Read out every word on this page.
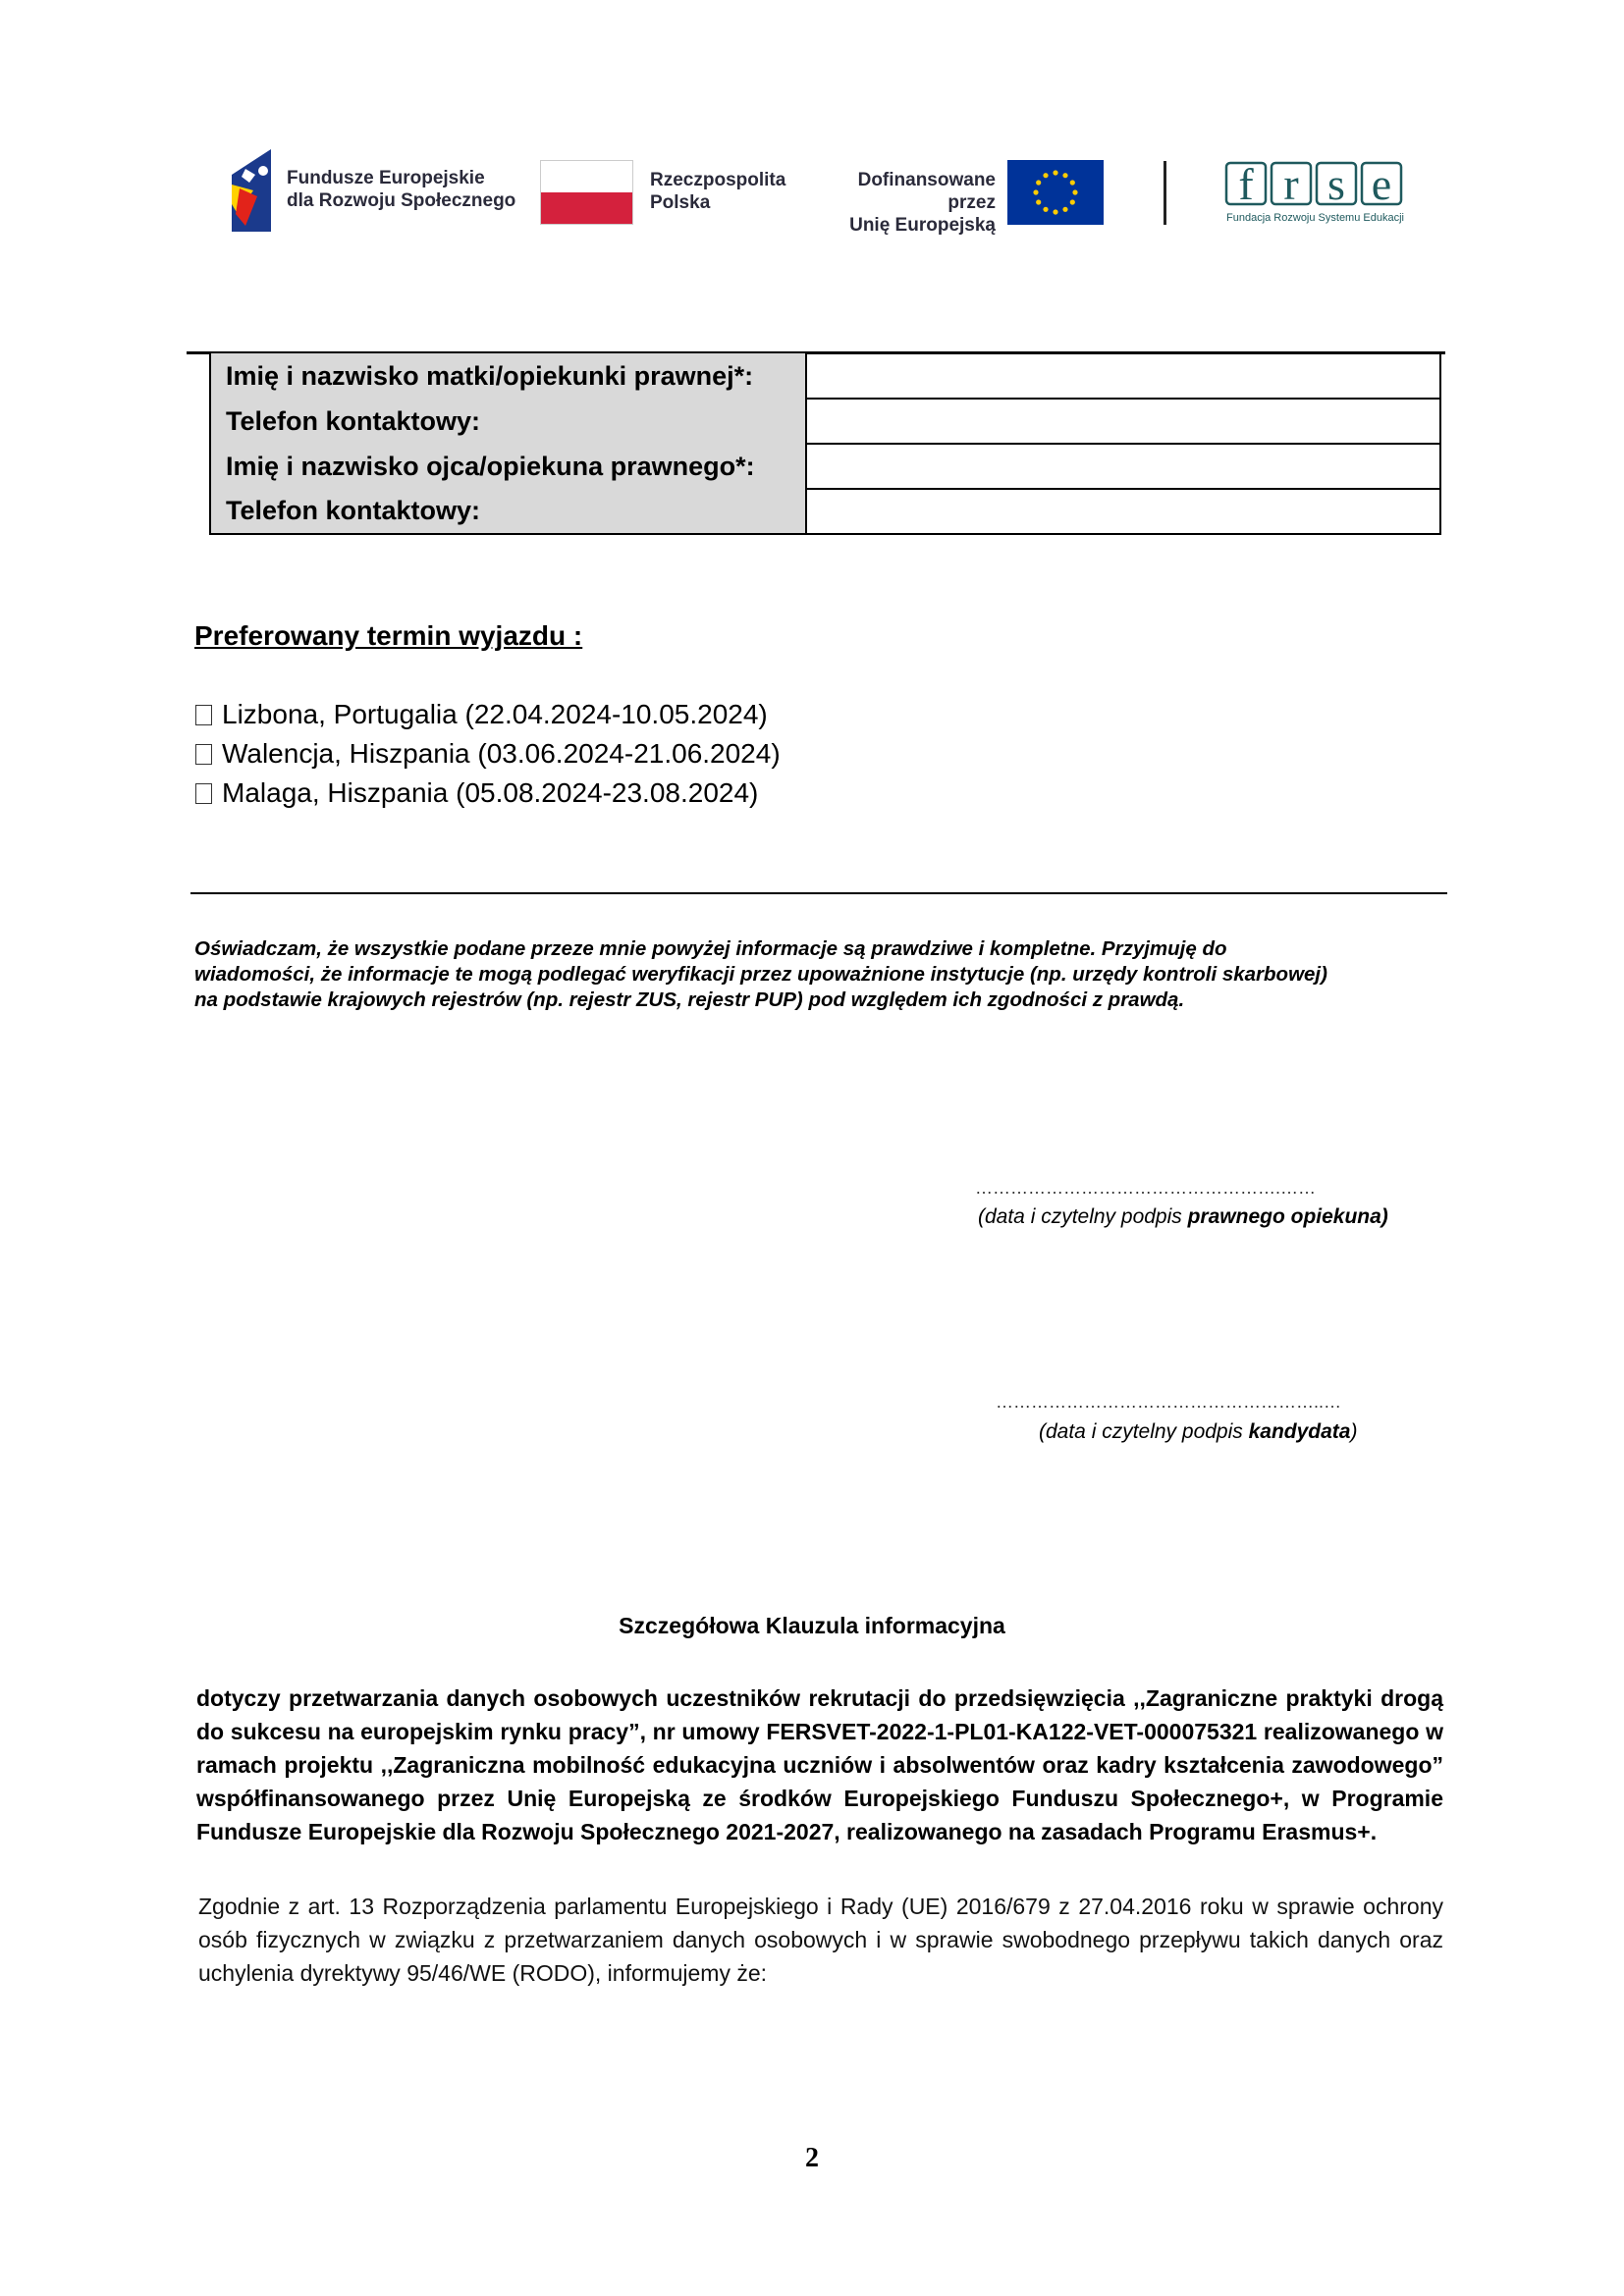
Fundusze Europejskie
dla Rozwoju Społecznego
Rzeczpospolita
Polska
Dofinansowane przez
Unię Europejską
f r s e
Fundacja Rozwoju Systemu Edukacji
Imię i nazwisko matki/opiekunki prawnej*:	
Telefon kontaktowy:	
Imię i nazwisko ojca/opiekuna prawnego*:	
Telefon kontaktowy:	
Preferowany termin wyjazdu :
Lizbona, Portugalia (22.04.2024-10.05.2024)
Walencja, Hiszpania (03.06.2024-21.06.2024)
Malaga, Hiszpania (05.08.2024-23.08.2024)
Oświadczam, że wszystkie podane przeze mnie powyżej informacje są prawdziwe i kompletne. Przyjmuję do
wiadomości, że informacje te mogą podlegać weryfikacji przez upoważnione instytucje (np. urzędy kontroli skarbowej)
na podstawie krajowych rejestrów (np. rejestr ZUS, rejestr PUP) pod względem ich zgodności z prawdą.
…………………………………………….……
(data i czytelny podpis prawnego opiekuna)
………………………………………………..…
(data i czytelny podpis kandydata)
Szczegółowa Klauzula informacyjna
dotyczy przetwarzania danych osobowych uczestników rekrutacji do przedsięwzięcia ,,Zagraniczne praktyki drogą do sukcesu na europejskim rynku pracy”, nr umowy FERSVET-2022-1-PL01-KA122-VET-000075321 realizowanego w ramach projektu ,,Zagraniczna mobilność edukacyjna uczniów i absolwentów oraz kadry kształcenia zawodowego” współfinansowanego przez Unię Europejską ze środków Europejskiego Funduszu Społecznego+, w Programie Fundusze Europejskie dla Rozwoju Społecznego 2021-2027, realizowanego na zasadach Programu Erasmus+.
Zgodnie z art. 13 Rozporządzenia parlamentu Europejskiego i Rady (UE) 2016/679 z 27.04.2016 roku w sprawie ochrony osób fizycznych w związku z przetwarzaniem danych osobowych i w sprawie swobodnego przepływu takich danych oraz uchylenia dyrektywy 95/46/WE (RODO), informujemy że:
2
